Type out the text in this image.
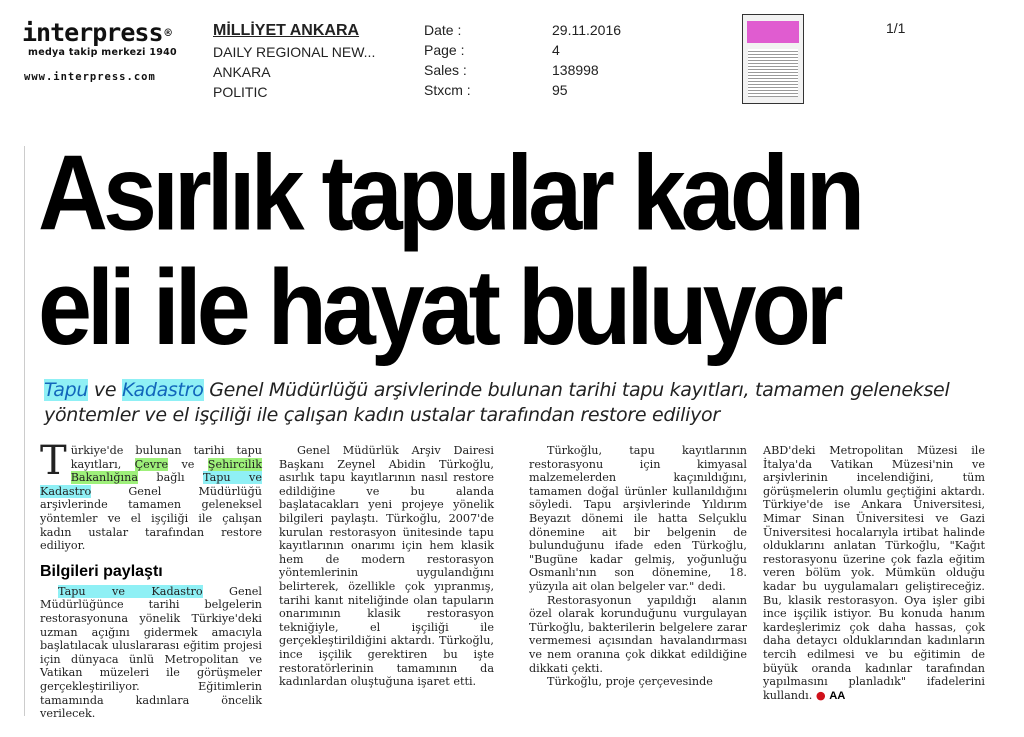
interpress ®
medya takip merkezi 1940
www.interpress.com
MİLLİYET ANKARA
DAILY REGIONAL NEW...
ANKARA
POLITIC
Date :
Page :
Sales :
Stxcm :
29.11.2016
4
138998
95
1/1
Asırlık tapular kadın
eli ile hayat buluyor
Tapu ve Kadastro Genel Müdürlüğü arşivlerinde bulunan tarihi tapu kayıtları, tamamen geleneksel yöntemler ve el işçiliği ile çalışan kadın ustalar tarafından restore ediliyor

Türkiye'de bulunan tarihi tapu kayıtları, Çevre ve Şehircilik Bakanlığına bağlı Tapu ve Kadastro Genel Müdürlüğü arşivlerinde tamamen geleneksel yöntemler ve el işçiliği ile çalışan kadın ustalar tarafından restore ediliyor.

Bilgileri paylaştı

Tapu ve Kadastro Genel Müdürlüğünce tarihi belgelerin restorasyonuna yönelik Türkiye'deki uzman açığını gidermek amacıyla başlatılacak uluslararası eğitim projesi için dünyaca ünlü Metropolitan ve Vatikan müzeleri ile görüşmeler gerçekleştiriliyor. Eğitimlerin tamamında kadınlara öncelik verilecek.

Genel Müdürlük Arşiv Dairesi Başkanı Zeynel Abidin Türkoğlu, asırlık tapu kayıtlarının nasıl restore edildiğine ve bu alanda başlatacakları yeni projeye yönelik bilgileri paylaştı. Türkoğlu, 2007'de kurulan restorasyon ünitesinde tapu kayıtlarının onarımı için hem klasik hem de modern restorasyon yöntemlerinin uygulandığını belirterek, özellikle çok yıpranmış, tarihi kanıt niteliğinde olan tapuların onarımının klasik restorasyon tekniğiyle, el işçiliği ile gerçekleştirildiğini aktardı. Türkoğlu, ince işçilik gerektiren bu işte restoratörlerinin tamamının da kadınlardan oluştuğuna işaret etti.

Türkoğlu, tapu kayıtlarının restorasyonu için kimyasal malzemelerden kaçınıldığını, tamamen doğal ürünler kullanıldığını söyledi. Tapu arşivlerinde Yıldırım Beyazıt dönemi ile hatta Selçuklu dönemine ait bir belgenin de bulunduğunu ifade eden Türkoğlu, "Bugüne kadar gelmiş, yoğunluğu Osmanlı'nın son dönemine, 18. yüzyıla ait olan belgeler var." dedi.

Restorasyonun yapıldığı alanın özel olarak korunduğunu vurgulayan Türkoğlu, bakterilerin belgelere zarar vermemesi açısından havalandırması ve nem oranına çok dikkat edildiğine dikkati çekti.

Türkoğlu, proje çerçevesinde

ABD'deki Metropolitan Müzesi ile İtalya'da Vatikan Müzesi'nin ve arşivlerinin incelendiğini, tüm görüşmelerin olumlu geçtiğini aktardı. Türkiye'de ise Ankara Üniversitesi, Mimar Sinan Üniversitesi ve Gazi Üniversitesi hocalarıyla irtibat halinde olduklarını anlatan Türkoğlu, "Kağıt restorasyonu üzerine çok fazla eğitim veren bölüm yok. Mümkün olduğu kadar bu uygulamaları geliştireceğiz. Bu, klasik restorasyon. Oya işler gibi ince işçilik istiyor. Bu konuda hanım kardeşlerimiz çok daha hassas, çok daha detaycı olduklarından kadınların tercih edilmesi ve bu eğitimin de büyük oranda kadınlar tarafından yapılmasını planladık" ifadelerini kullandı. ● AA
